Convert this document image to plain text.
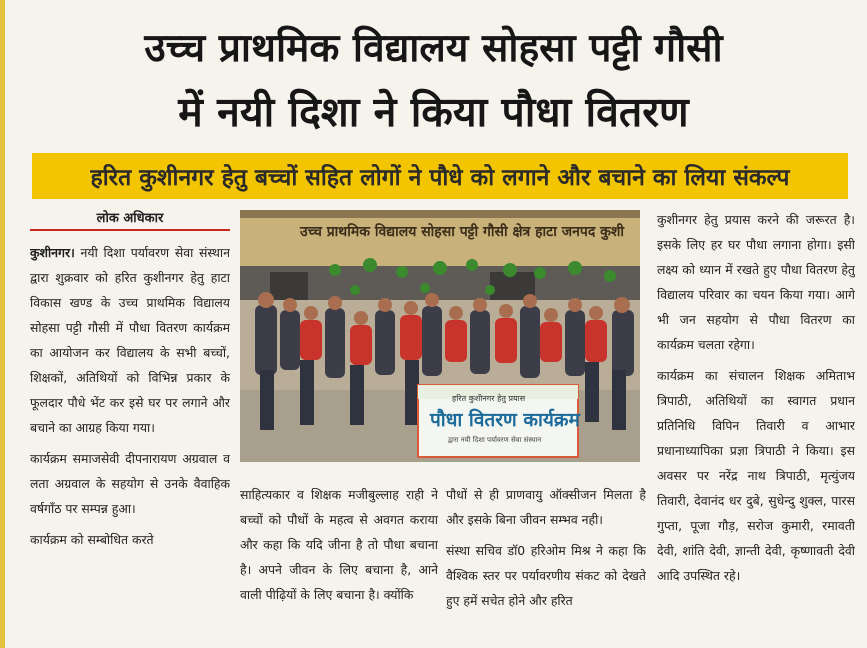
उच्च प्राथमिक विद्यालय सोहसा पट्टी गौसी
में नयी दिशा ने किया पौधा वितरण
हरित कुशीनगर हेतु बच्चों सहित लोगों ने पौधे को लगाने और बचाने का लिया संकल्प
लोक अधिकार

कुशीनगर। नयी दिशा पर्यावरण सेवा संस्थान द्वारा शुक्रवार को हरित कुशीनगर हेतु हाटा विकास खण्ड के उच्च प्राथमिक विद्यालय सोहसा पट्टी गौसी में पौधा वितरण कार्यक्रम का आयोजन कर विद्यालय के सभी बच्चों, शिक्षकों, अतिथियों को विभिन्न प्रकार के फूलदार पौधे भेंट कर इसे घर पर लगाने और बचाने का आग्रह किया गया।

कार्यक्रम समाजसेवी दीपनारायण अग्रवाल व लता अग्रवाल के सहयोग से उनके वैवाहिक वर्षगाँठ पर सम्पन्न हुआ।

कार्यक्रम को सम्बोधित करते

उच्च प्राथमिक विद्यालय सोहसा पट्टी गौसी क्षेत्र हाटा जनपद कुशी
हरित कुशीनगर हेतु प्रयास
पौधा वितरण कार्यक्रम
द्वारा नयी दिशा पर्यावरण सेवा संस्थान

साहित्यकार व शिक्षक मजीबुल्लाह राही ने बच्चों को पौधों के महत्व से अवगत कराया और कहा कि यदि जीना है तो पौधा बचाना है। अपने जीवन के लिए बचाना है, आने वाली पीढ़ियों के लिए बचाना है। क्योंकि

पौधों से ही प्राणवायु ऑक्सीजन मिलता है और इसके बिना जीवन सम्भव नही।

संस्था सचिव डॉ0 हरिओम मिश्र ने कहा कि वैश्विक स्तर पर पर्यावरणीय संकट को देखते हुए हमें सचेत होने और हरित

कुशीनगर हेतु प्रयास करने की जरूरत है। इसके लिए हर घर पौधा लगाना होगा। इसी लक्ष्य को ध्यान में रखते हुए पौधा वितरण हेतु विद्यालय परिवार का चयन किया गया। आगे भी जन सहयोग से पौधा वितरण का कार्यक्रम चलता रहेगा।

कार्यक्रम का संचालन शिक्षक अमिताभ त्रिपाठी, अतिथियों का स्वागत प्रधान प्रतिनिधि विपिन तिवारी व आभार प्रधानाध्यापिका प्रज्ञा त्रिपाठी ने किया। इस अवसर पर नरेंद्र नाथ त्रिपाठी, मृत्युंजय तिवारी, देवानंद धर दुबे, सुधेन्दु शुक्ल, पारस गुप्ता, पूजा गौड़, सरोज कुमारी, रमावती देवी, शांति देवी, ज्ञान्ती देवी, कृष्णावती देवी आदि उपस्थित रहे।
